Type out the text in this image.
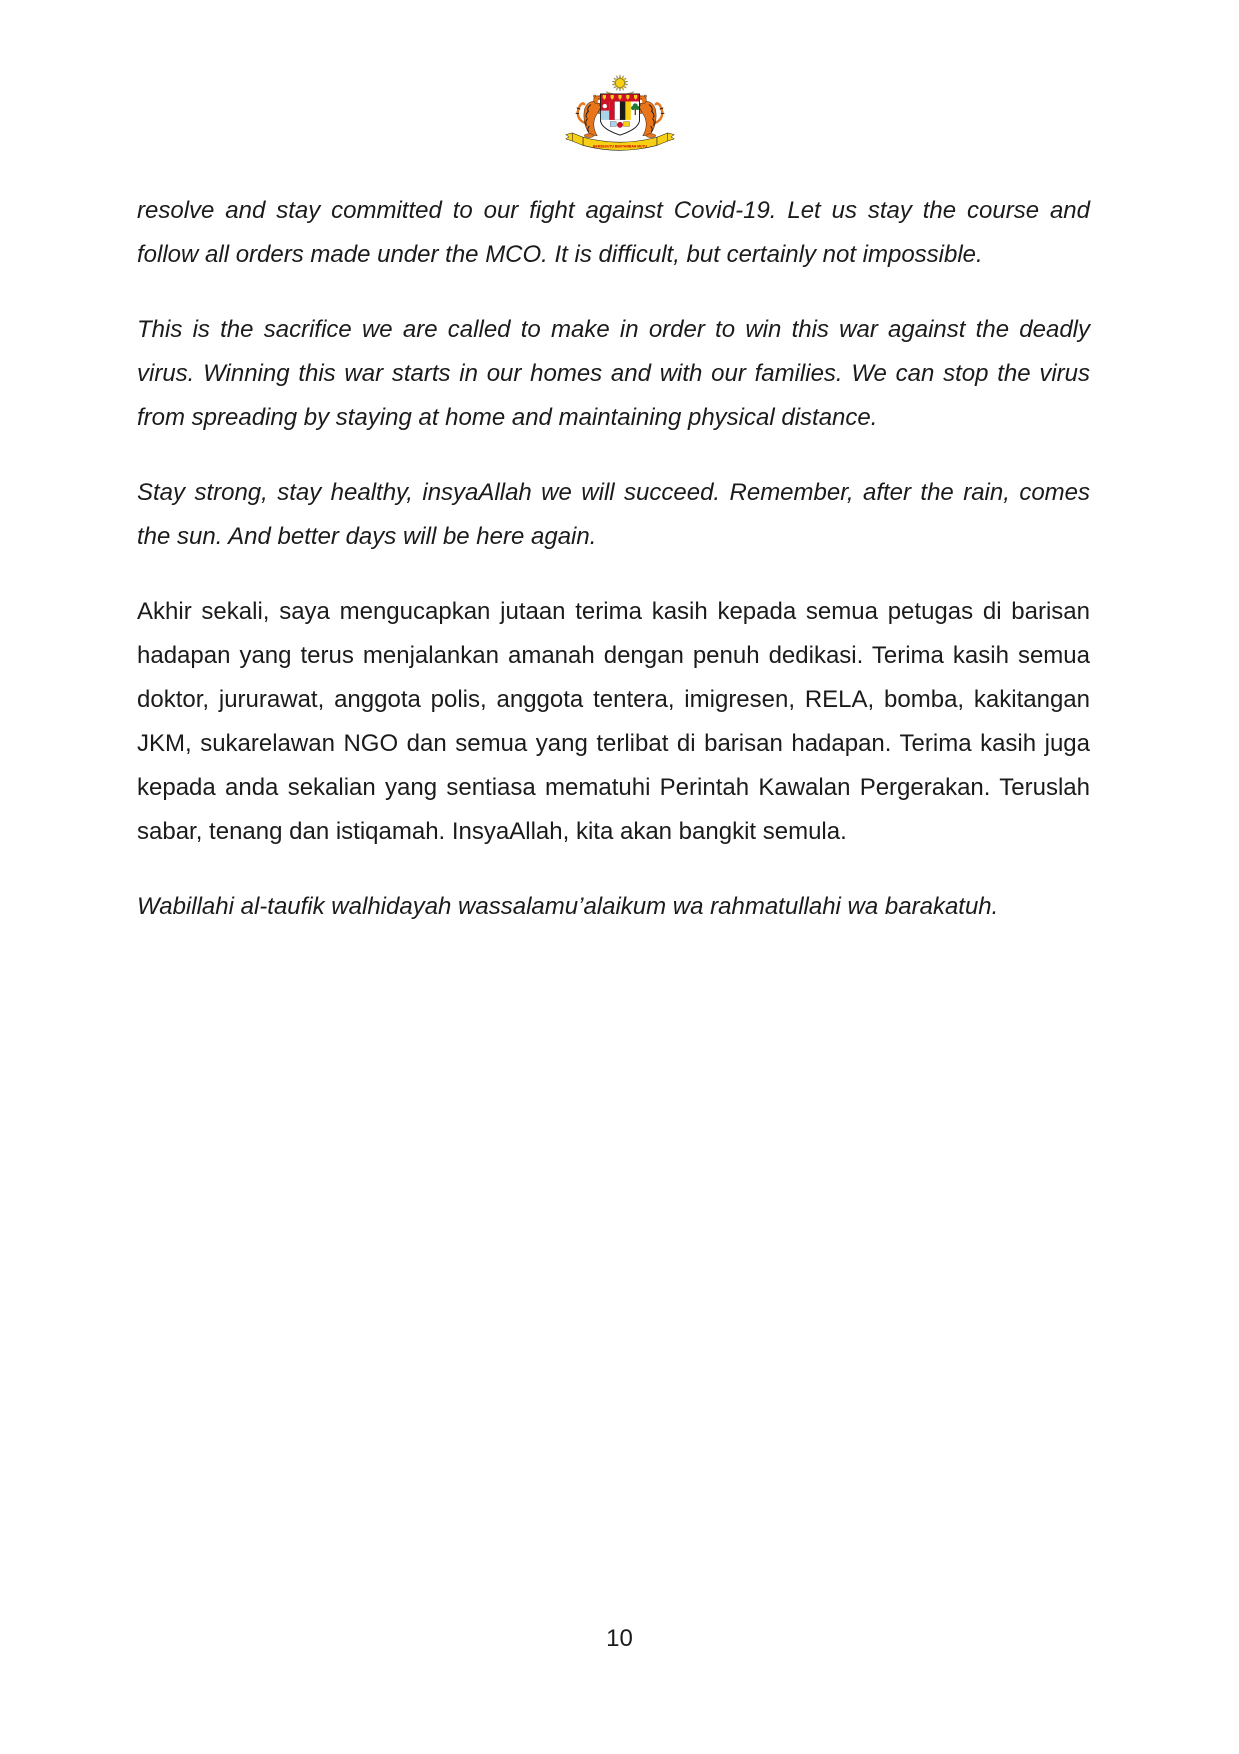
BERSEKUTU BERTAMBAH MUTU

resolve and stay committed to our fight against Covid-19. Let us stay the course and follow all orders made under the MCO. It is difficult, but certainly not impossible.

This is the sacrifice we are called to make in order to win this war against the deadly virus. Winning this war starts in our homes and with our families. We can stop the virus from spreading by staying at home and maintaining physical distance.

Stay strong, stay healthy, insyaAllah we will succeed. Remember, after the rain, comes the sun. And better days will be here again.

Akhir sekali, saya mengucapkan jutaan terima kasih kepada semua petugas di barisan hadapan yang terus menjalankan amanah dengan penuh dedikasi. Terima kasih semua doktor, jururawat, anggota polis, anggota tentera, imigresen, RELA, bomba, kakitangan JKM, sukarelawan NGO dan semua yang terlibat di barisan hadapan. Terima kasih juga kepada anda sekalian yang sentiasa mematuhi Perintah Kawalan Pergerakan. Teruslah sabar, tenang dan istiqamah. InsyaAllah, kita akan bangkit semula.

Wabillahi al-taufik walhidayah wassalamu’alaikum wa rahmatullahi wa barakatuh.

10
